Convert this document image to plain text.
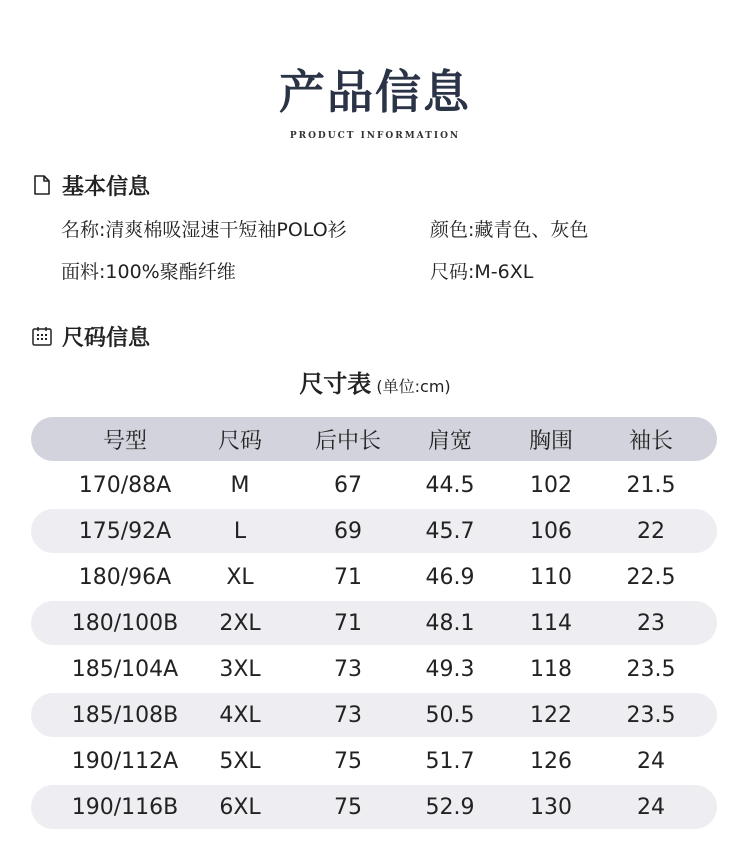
产品信息
PRODUCT INFORMATION
基本信息
名称:清爽棉吸湿速干短袖POLO衫	颜色:藏青色、灰色
面料:100%聚酯纤维	尺码:M-6XL
尺码信息
尺寸表 (单位:cm)
号型	尺码	后中长	肩宽	胸围	袖长
170/88A	M	67	44.5	102	21.5
175/92A	L	69	45.7	106	22
180/96A	XL	71	46.9	110	22.5
180/100B	2XL	71	48.1	114	23
185/104A	3XL	73	49.3	118	23.5
185/108B	4XL	73	50.5	122	23.5
190/112A	5XL	75	51.7	126	24
190/116B	6XL	75	52.9	130	24
